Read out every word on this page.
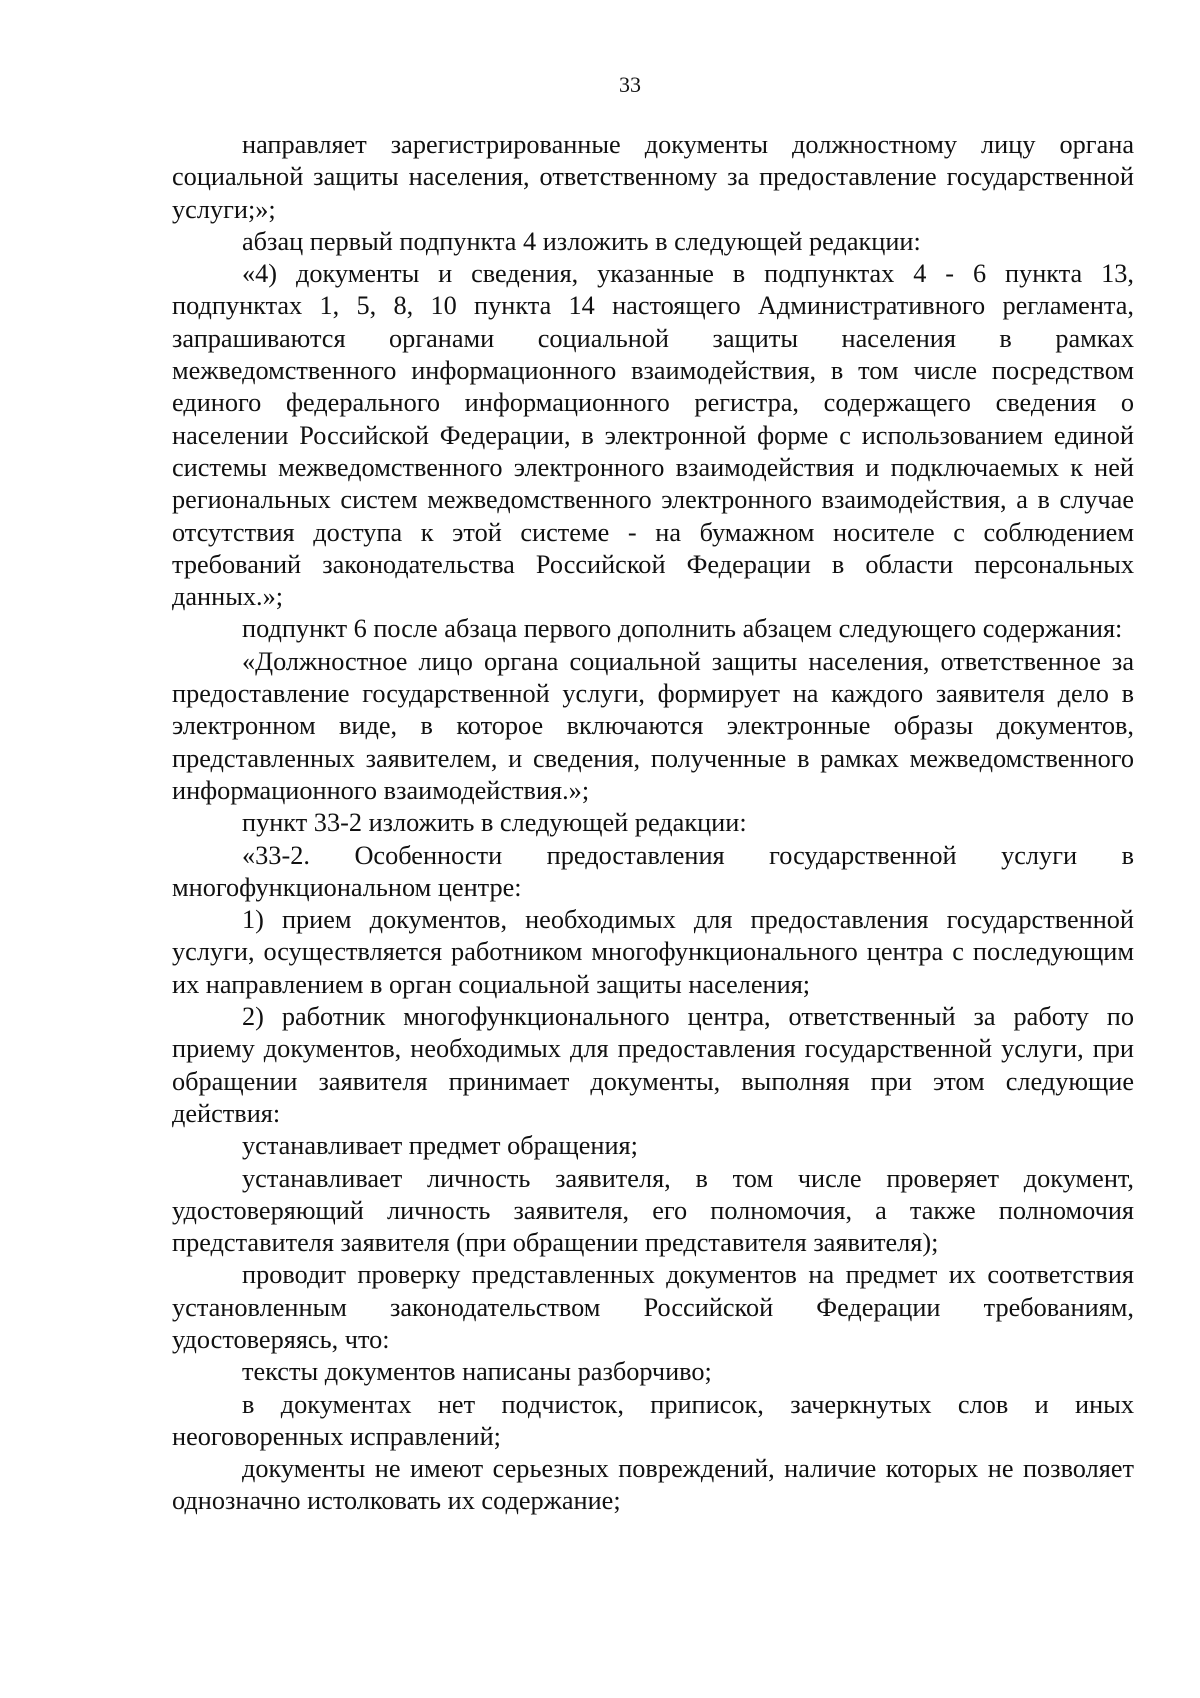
33

направляет зарегистрированные документы должностному лицу органа социальной защиты населения, ответственному за предоставление государственной услуги;»;

абзац первый подпункта 4 изложить в следующей редакции:

«4) документы и сведения, указанные в подпунктах 4 - 6 пункта 13, подпунктах 1, 5, 8, 10 пункта 14 настоящего Административного регламента, запрашиваются органами социальной защиты населения в рамках межведомственного информационного взаимодействия, в том числе посредством единого федерального информационного регистра, содержащего сведения о населении Российской Федерации, в электронной форме с использованием единой системы межведомственного электронного взаимодействия и подключаемых к ней региональных систем межведомственного электронного взаимодействия, а в случае отсутствия доступа к этой системе - на бумажном носителе с соблюдением требований законодательства Российской Федерации в области персональных данных.»;

подпункт 6 после абзаца первого дополнить абзацем следующего содержания:

«Должностное лицо органа социальной защиты населения, ответственное за предоставление государственной услуги, формирует на каждого заявителя дело в электронном виде, в которое включаются электронные образы документов, представленных заявителем, и сведения, полученные в рамках межведомственного информационного взаимодействия.»;

пункт 33-2 изложить в следующей редакции:

«33-2. Особенности предоставления государственной услуги в многофункциональном центре:

1) прием документов, необходимых для предоставления государственной услуги, осуществляется работником многофункционального центра с последующим их направлением в орган социальной защиты населения;

2) работник многофункционального центра, ответственный за работу по приему документов, необходимых для предоставления государственной услуги, при обращении заявителя принимает документы, выполняя при этом следующие действия:

устанавливает предмет обращения;

устанавливает личность заявителя, в том числе проверяет документ, удостоверяющий личность заявителя, его полномочия, а также полномочия представителя заявителя (при обращении представителя заявителя);

проводит проверку представленных документов на предмет их соответствия установленным законодательством Российской Федерации требованиям, удостоверяясь, что:

тексты документов написаны разборчиво;

в документах нет подчисток, приписок, зачеркнутых слов и иных неоговоренных исправлений;

документы не имеют серьезных повреждений, наличие которых не позволяет однозначно истолковать их содержание;
